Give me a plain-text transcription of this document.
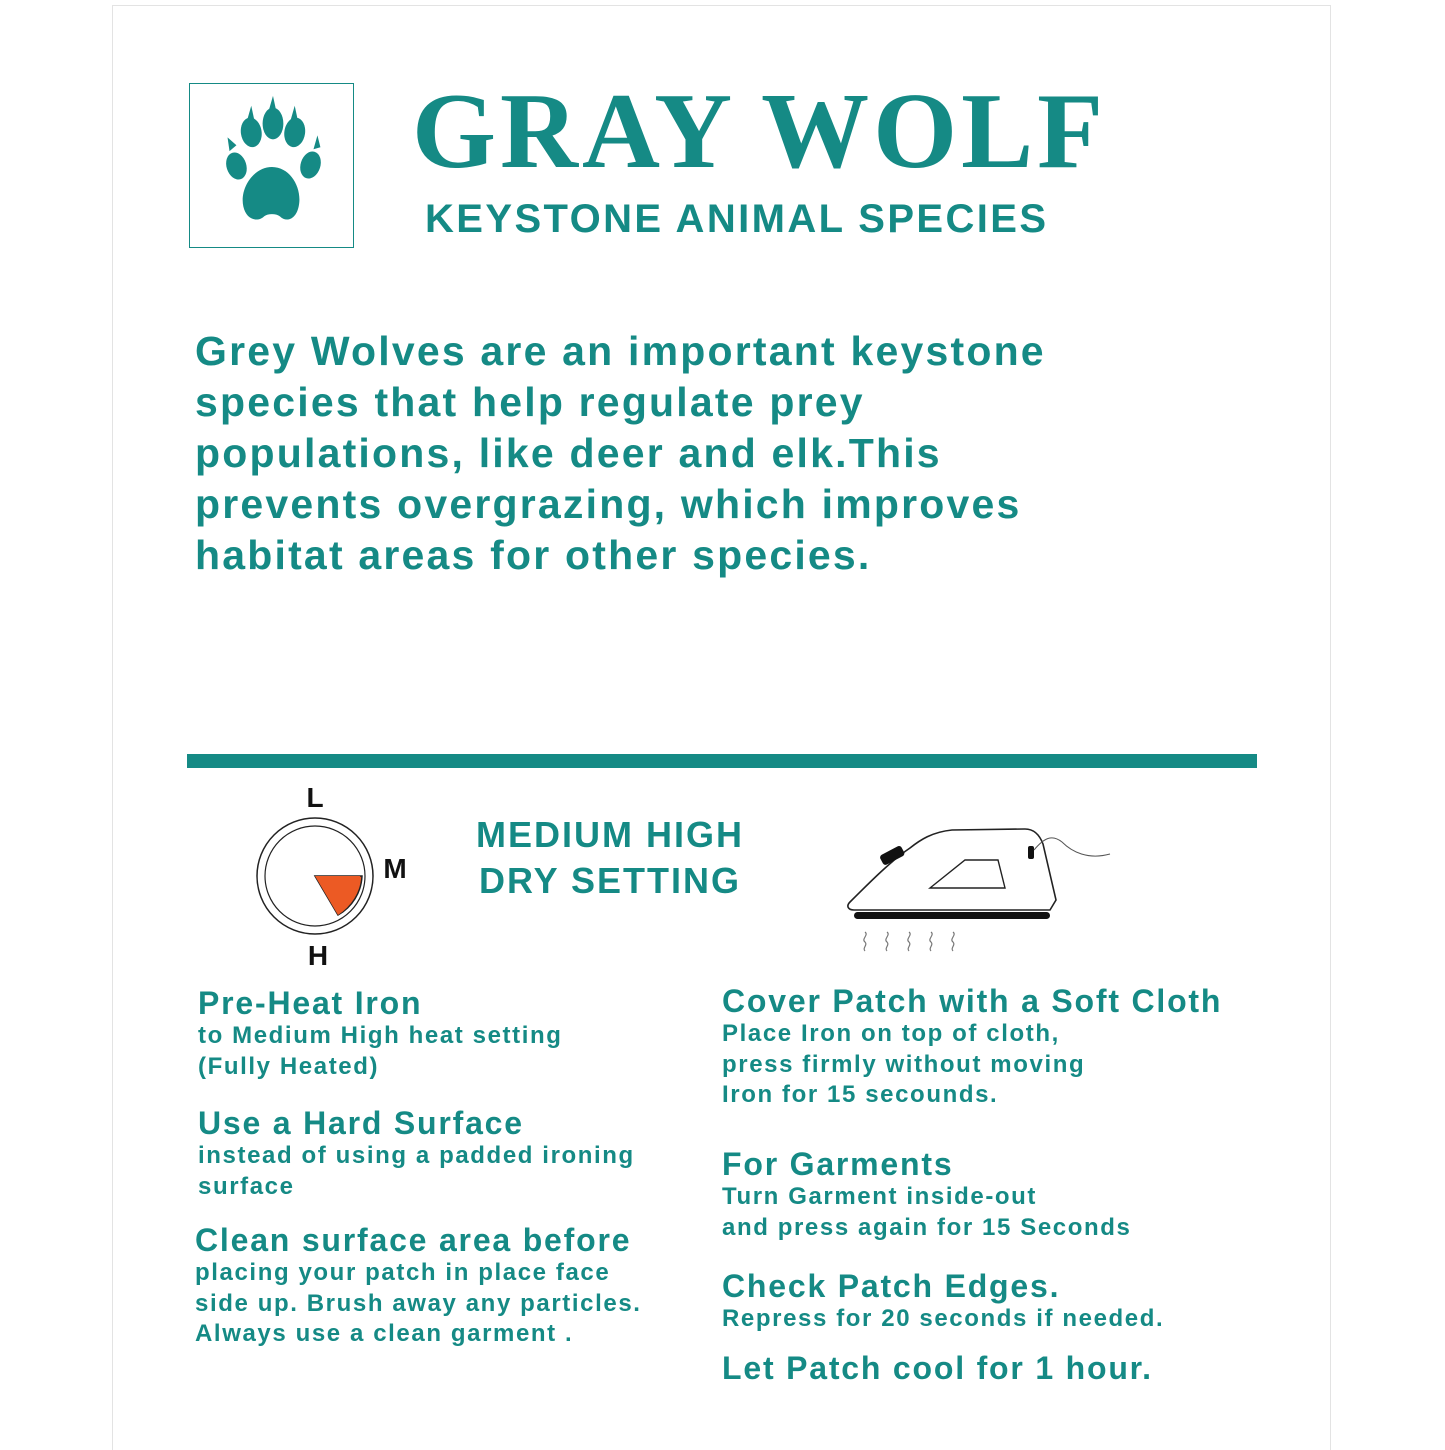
GRAY WOLF
KEYSTONE ANIMAL SPECIES

Grey Wolves are an important keystone species that help regulate prey populations, like deer and elk.This prevents overgrazing, which improves habitat areas for other species.

L
M
H
MEDIUM HIGH
DRY SETTING
Pre-Heat Iron
to Medium High heat setting
(Fully Heated)
Use a Hard Surface
instead of using a padded ironing
surface
Clean surface area before
placing your patch in place face
side up. Brush away any particles.
Always use a clean garment .
Cover Patch with a Soft Cloth
Place Iron on top of cloth,
press firmly without moving
Iron for 15 secounds.
For Garments
Turn Garment inside-out
and press again for 15 Seconds
Check Patch Edges.
Repress for 20 seconds if needed.

Let Patch cool for 1 hour.
